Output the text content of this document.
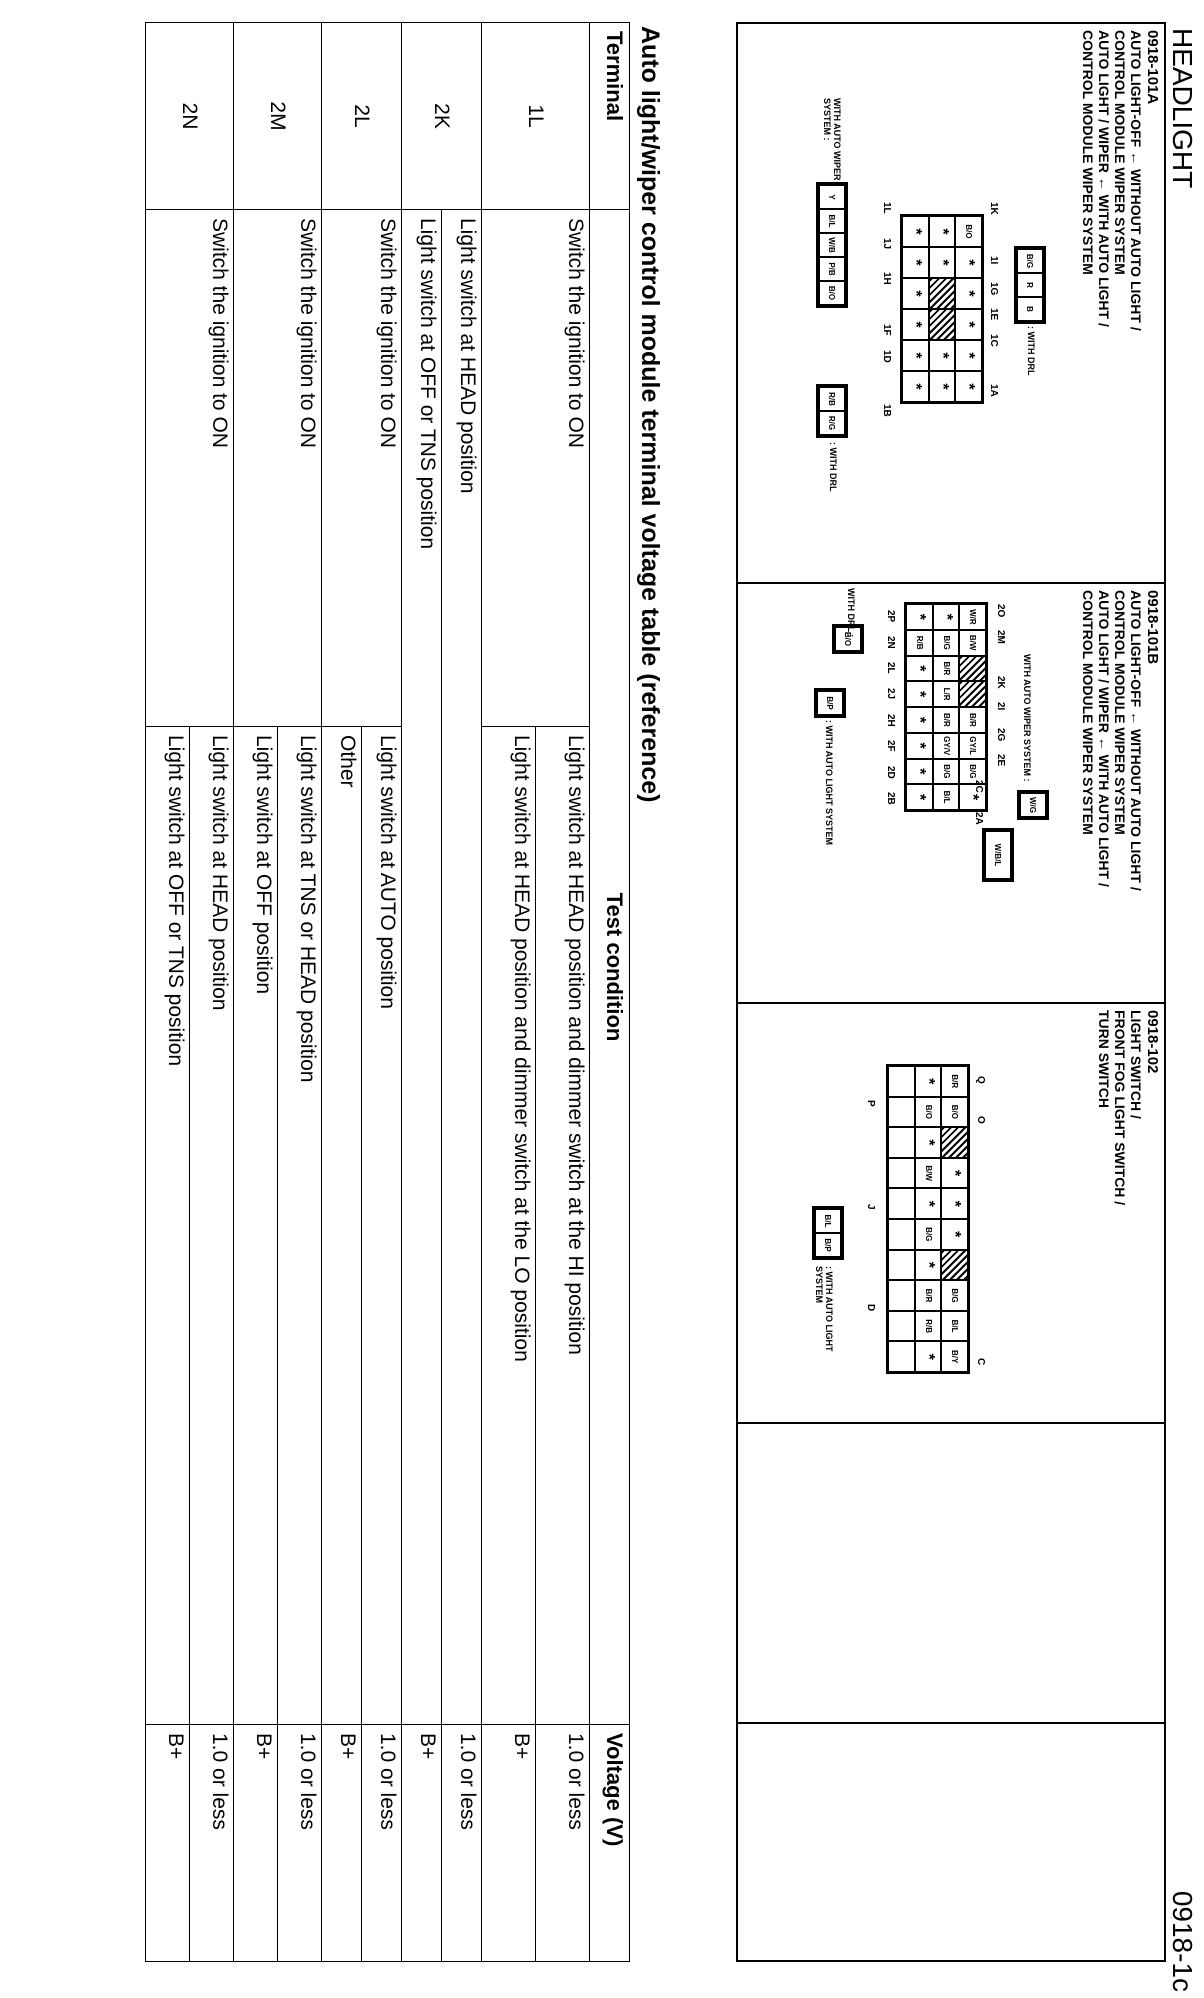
HEADLIGHT
0918-1c
0918-101A
AUTO LIGHT-OFF ← WITHOUT AUTO LIGHT /
CONTROL MODULE WIPER SYSTEM
AUTO LIGHT / WIPER ← WITH AUTO LIGHT /
CONTROL MODULE WIPER SYSTEM
B/G
R
B
: WITH DRL
1K
1I
1G
1E
1C
1A
B/O
*
*
*
*
*
*
*
*
*
*
*
*
*
*
*
1L
1J
1H
1F
1D
1B
WITH AUTO WIPER SYSTEM :
Y
B/L
W/B
P/B
B/O
R/B
R/G
: WITH DRL
0918-101B
AUTO LIGHT-OFF ← WITHOUT AUTO LIGHT /
CONTROL MODULE WIPER SYSTEM
AUTO LIGHT / WIPER ← WITH AUTO LIGHT /
CONTROL MODULE WIPER SYSTEM
WITH AUTO WIPER SYSTEM :
W/G
W/B/L
2O
2M
2K
2I
2G
2E
2C
2A
W/R
B/W
B/R
GY/L
B/G
*
*
B/G
B/R
L/R
B/R
GY/V
B/G
B/L
*
R/B
*
*
*
*
*
*
2P
2N
2L
2J
2H
2F
2D
2B
WITH DRL :
B/O
B/P
: WITH AUTO LIGHT SYSTEM
0918-102
LIGHT SWITCH /
FRONT FOG LIGHT SWITCH /
TURN SWITCH
Q
O
C
B/R
B/O
*
*
*
B/G
B/L
B/Y
*
B/O
*
B/W
*
B/G
*
B/R
R/B
*
P
J
D
B/L
B/P
: WITH AUTO LIGHT SYSTEM
Auto light/wiper control module terminal voltage table (reference)
Terminal	Test condition		Voltage (V)
1L	Switch the ignition to ON	Light switch at HEAD position and dimmer switch at the HI position	1.0 or less
		Light switch at HEAD position and dimmer switch at the LO position	B+
2K	Light switch at HEAD position		1.0 or less
	Light switch at OFF or TNS position		B+
2L	Switch the ignition to ON	Light switch at AUTO position	1.0 or less
		Other	B+
2M	Switch the ignition to ON	Light switch at TNS or HEAD position	1.0 or less
		Light switch at OFF position	B+
2N	Switch the ignition to ON	Light switch at HEAD position	1.0 or less
		Light switch at OFF or TNS position	B+
